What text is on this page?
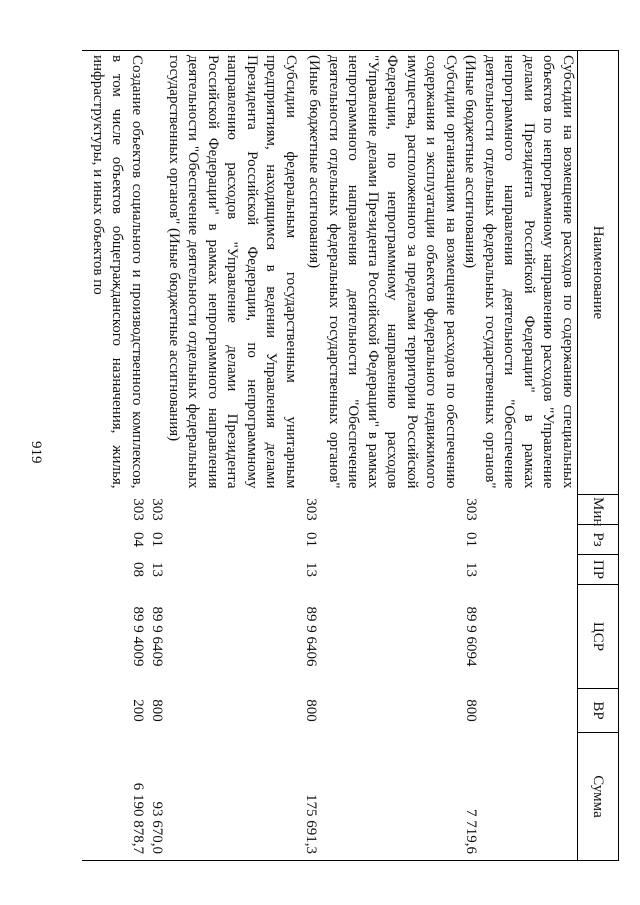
919
Наименование	Мин	Рз	ПР	ЦСР	ВР	Сумма
Субсидии на возмещение расходов по содержанию специальных объектов по непрограммному направлению расходов "Управление делами Президента Российской Федерации" в рамках непрограммного направления деятельности "Обеспечение деятельности отдельных федеральных государственных органов" (Иные бюджетные ассигнования)	303	01	13	89 9 6094	800	7 719,6
Субсидии организациям на возмещение расходов по обеспечению содержания и эксплуатации объектов федерального недвижимого имущества, расположенного за пределами территории Российской Федерации, по непрограммному направлению расходов "Управление делами Президента Российской Федерации" в рамках непрограммного направления деятельности "Обеспечение деятельности отдельных федеральных государственных органов" (Иные бюджетные ассигнования)	303	01	13	89 9 6406	800	175 691,3
Субсидии федеральным государственным унитарным предприятиям, находящимся в ведении Управления делами Президента Российской Федерации, по непрограммному направлению расходов "Управление делами Президента Российской Федерации" в рамках непрограммного направления деятельности "Обеспечение деятельности отдельных федеральных государственных органов" (Иные бюджетные ассигнования)	303	01	13	89 9 6409	800	93 670,0
Создание объектов социального и производственного комплексов, в том числе объектов общегражданского назначения, жилья, инфраструктуры, и иных объектов по	303	04	08	89 9 4009	200	6 190 878,7
